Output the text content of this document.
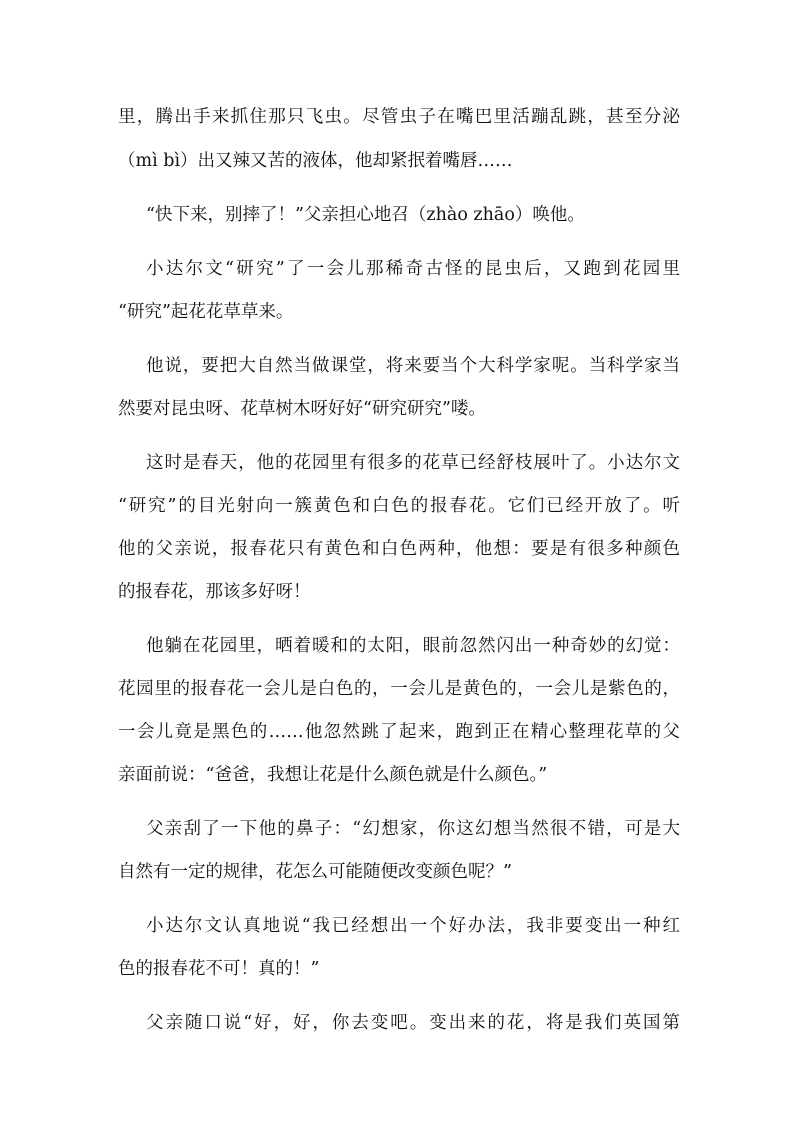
里，腾出手来抓住那只飞虫。尽管虫子在嘴巴里活蹦乱跳，甚至分泌

（mì bì）出又辣又苦的液体，他却紧抿着嘴唇……

“快下来，别摔了！”父亲担心地召（zhào zhāo）唤他。

小达尔文“研究”了一会儿那稀奇古怪的昆虫后，又跑到花园里

“研究”起花花草草来。

他说，要把大自然当做课堂，将来要当个大科学家呢。当科学家当

然要对昆虫呀、花草树木呀好好“研究研究”喽。

这时是春天，他的花园里有很多的花草已经舒枝展叶了。小达尔文

“研究”的目光射向一簇黄色和白色的报春花。它们已经开放了。听

他的父亲说，报春花只有黄色和白色两种，他想：要是有很多种颜色

的报春花，那该多好呀！

他躺在花园里，晒着暖和的太阳，眼前忽然闪出一种奇妙的幻觉：

花园里的报春花一会儿是白色的，一会儿是黄色的，一会儿是紫色的，

一会儿竟是黑色的……他忽然跳了起来，跑到正在精心整理花草的父

亲面前说：“爸爸，我想让花是什么颜色就是什么颜色。”

父亲刮了一下他的鼻子：“幻想家，你这幻想当然很不错，可是大

自然有一定的规律，花怎么可能随便改变颜色呢？”

小达尔文认真地说“我已经想出一个好办法，我非要变出一种红

色的报春花不可！真的！”

父亲随口说“好，好，你去变吧。变出来的花，将是我们英国第
